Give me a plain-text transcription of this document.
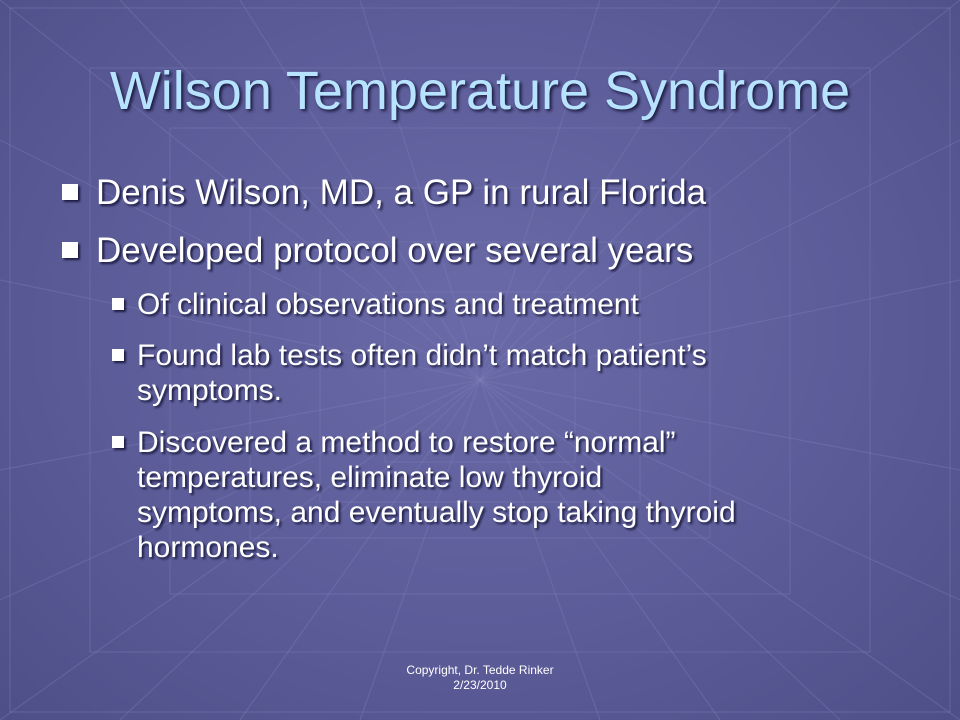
Wilson Temperature Syndrome
Denis Wilson, MD, a GP in rural Florida
Developed protocol over several years
Of clinical observations and treatment
Found lab tests often didn’t match patient’s
symptoms.
Discovered a method to restore “normal”
temperatures, eliminate low thyroid
symptoms, and eventually stop taking thyroid
hormones.
Copyright, Dr. Tedde Rinker
2/23/2010
